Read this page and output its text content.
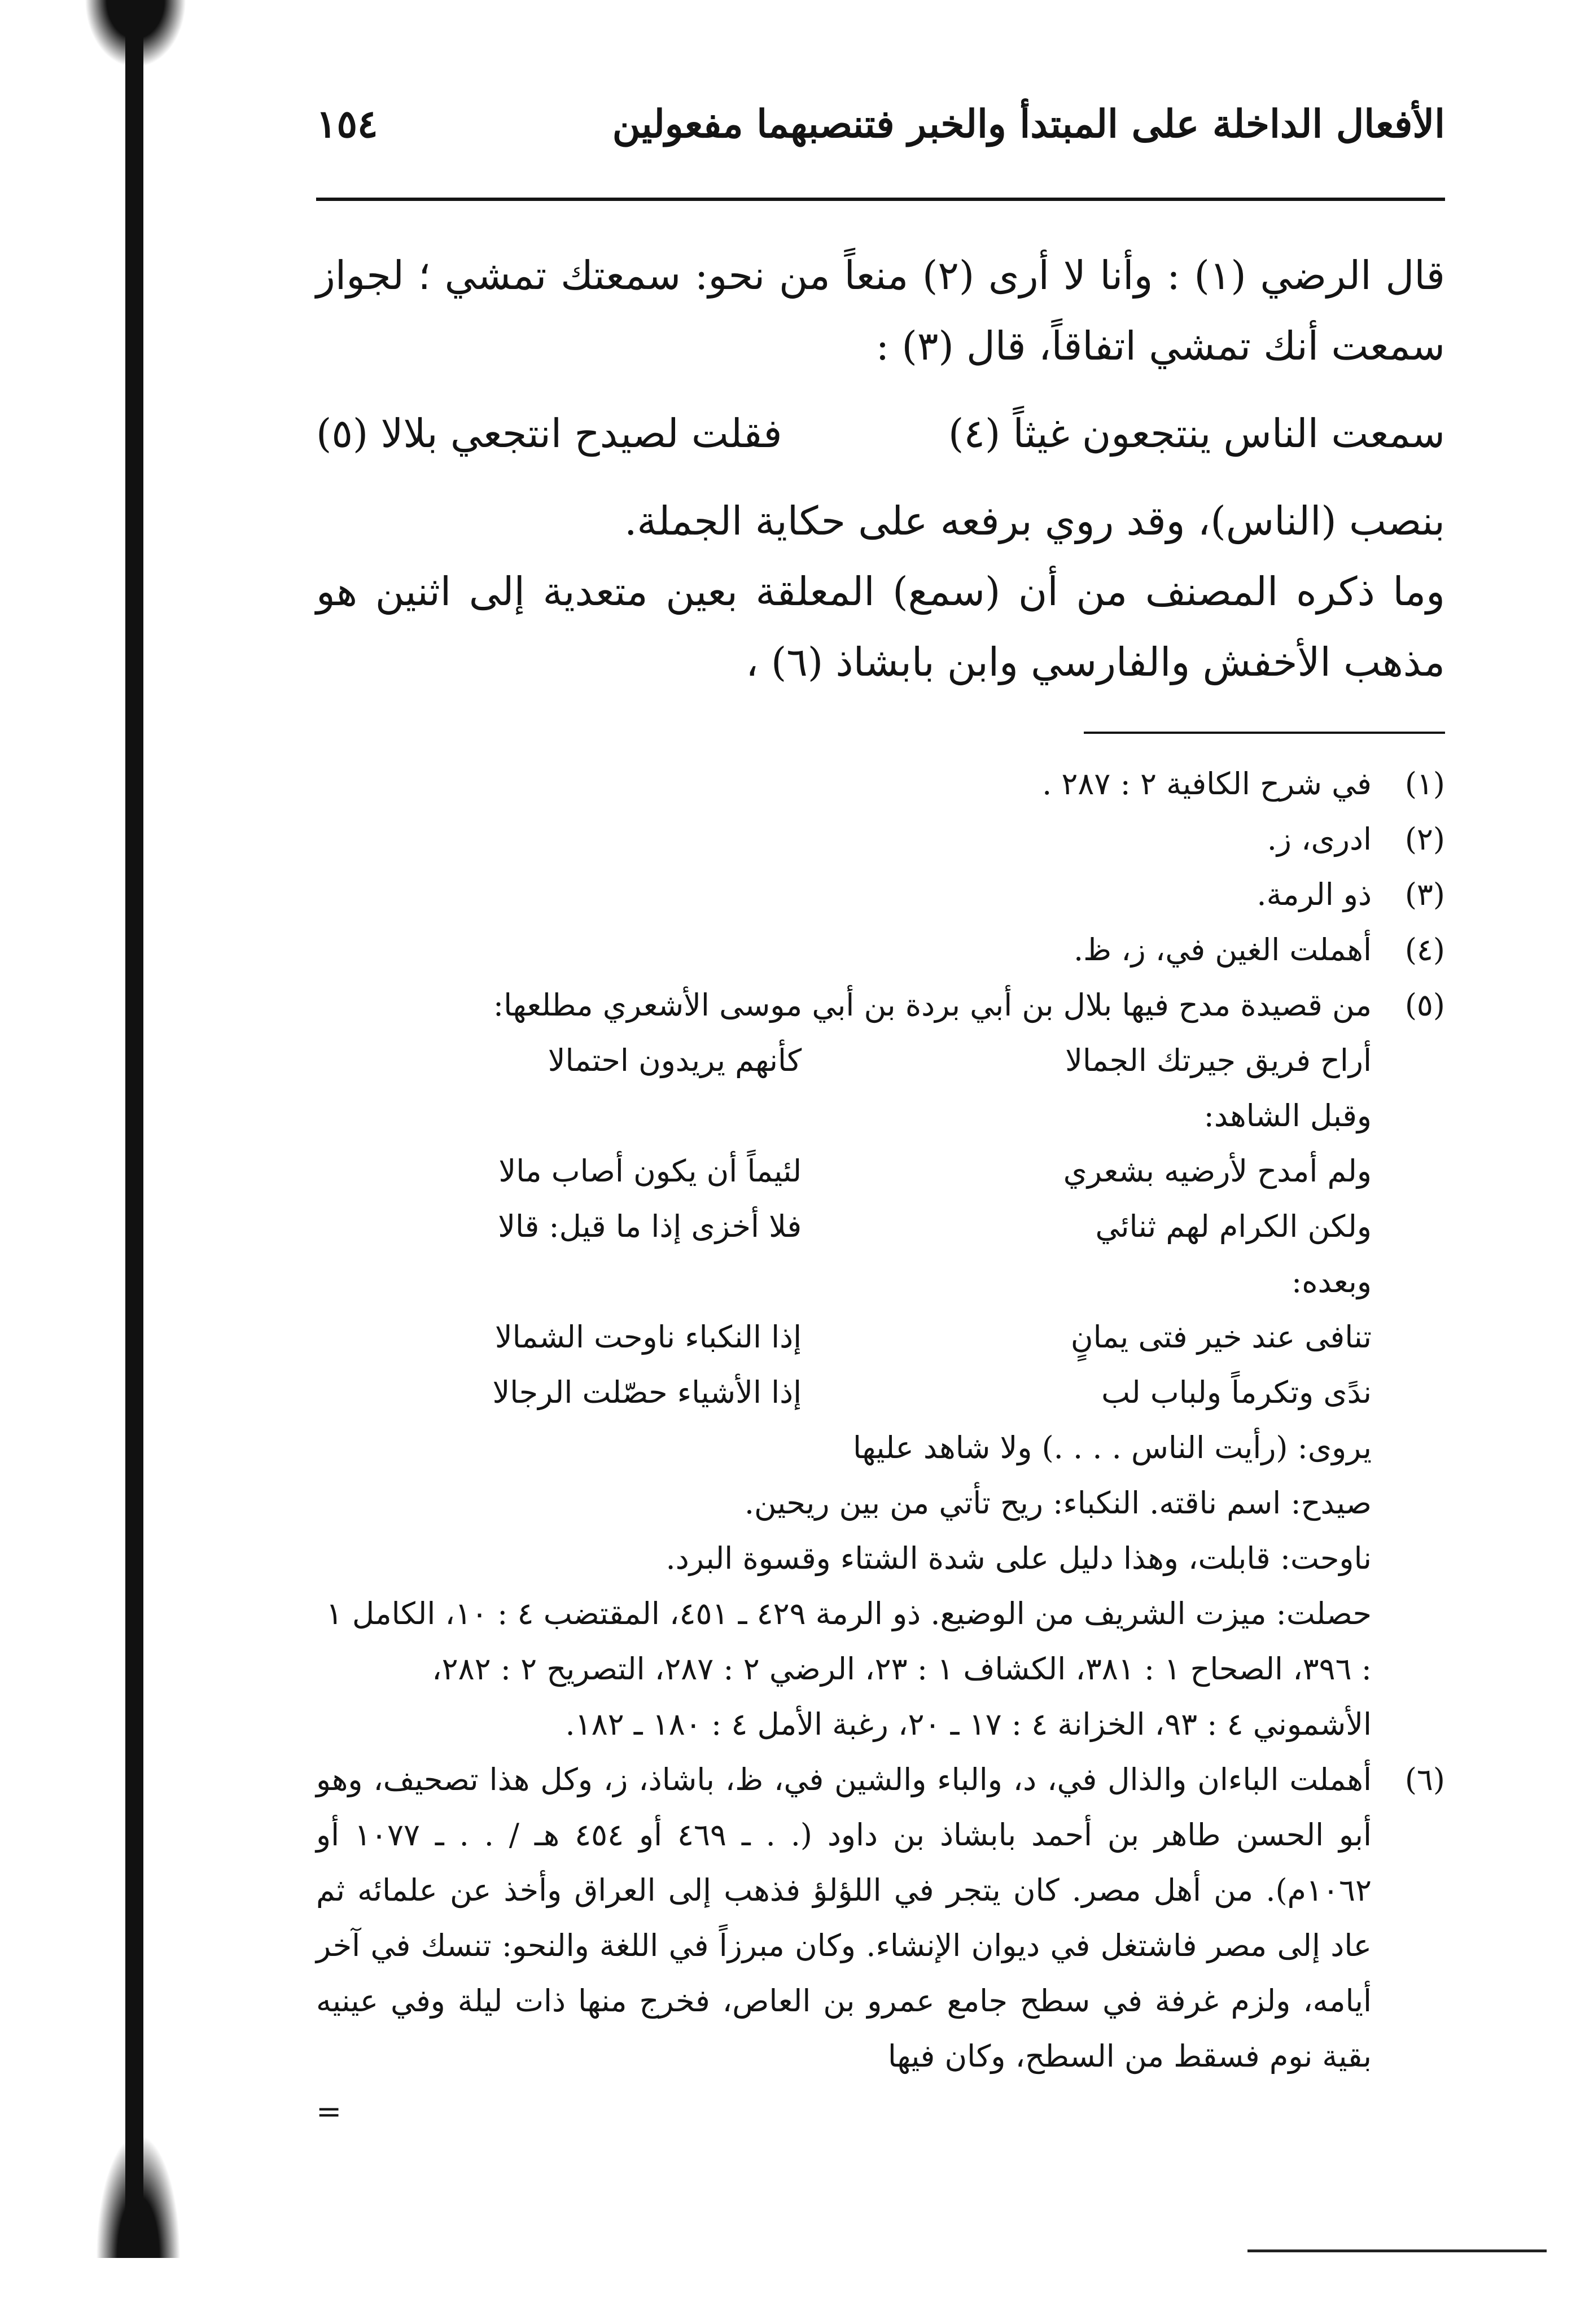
الأفعال الداخلة على المبتدأ والخبر فتنصبهما مفعولين
١٥٤

قال الرضي (١) : وأنا لا أرى (٢) منعاً من نحو: سمعتك تمشي ؛ لجواز سمعت أنك تمشي اتفاقاً، قال (٣) :

سمعت الناس ينتجعون غيثاً (٤)
فقلت لصيدح انتجعي بلالا (٥)

بنصب (الناس)، وقد روي برفعه على حكاية الجملة.

وما ذكره المصنف من أن (سمع) المعلقة بعين متعدية إلى اثنين هو مذهب الأخفش والفارسي وابن بابشاذ (٦) ،

(١)
في شرح الكافية ٢ : ٢٨٧ .
(٢)
ادرى، ز.
(٣)
ذو الرمة.
(٤)
أهملت الغين في، ز، ظ.
(٥)
من قصيدة مدح فيها بلال بن أبي بردة بن أبي موسى الأشعري مطلعها:
أراح فريق جيرتك الجمالا
كأنهم يريدون احتمالا
وقبل الشاهد:
ولم أمدح لأرضيه بشعري
لئيماً أن يكون أصاب مالا
ولكن الكرام لهم ثنائي
فلا أخزى إذا ما قيل: قالا
وبعده:
تنافى عند خير فتى يمانٍ
إذا النكباء ناوحت الشمالا
ندًى وتكرماً ولباب لب
إذا الأشياء حصّلت الرجالا
يروى: (رأيت الناس . . . .) ولا شاهد عليها
صيدح: اسم ناقته. النكباء: ريح تأتي من بين ريحين.
ناوحت: قابلت، وهذا دليل على شدة الشتاء وقسوة البرد.
حصلت: ميزت الشريف من الوضيع. ذو الرمة ٤٢٩ ـ ٤٥١، المقتضب ٤ : ١٠، الكامل ١ : ٣٩٦، الصحاح ١ : ٣٨١، الكشاف ١ : ٢٣، الرضي ٢ : ٢٨٧، التصريح ٢ : ٢٨٢، الأشموني ٤ : ٩٣، الخزانة ٤ : ١٧ ـ ٢٠، رغبة الأمل ٤ : ١٨٠ ـ ١٨٢.
(٦)
أهملت الباءان والذال في، د، والباء والشين في، ظ، باشاذ، ز، وكل هذا تصحيف، وهو أبو الحسن طاهر بن أحمد بابشاذ بن داود (. . ـ ٤٦٩ أو ٤٥٤ هـ / . . ـ ١٠٧٧ أو ١٠٦٢م). من أهل مصر. كان يتجر في اللؤلؤ فذهب إلى العراق وأخذ عن علمائه ثم عاد إلى مصر فاشتغل في ديوان الإنشاء. وكان مبرزاً في اللغة والنحو: تنسك في آخر أيامه، ولزم غرفة في سطح جامع عمرو بن العاص، فخرج منها ذات ليلة وفي عينيه بقية نوم فسقط من السطح، وكان فيها
=
